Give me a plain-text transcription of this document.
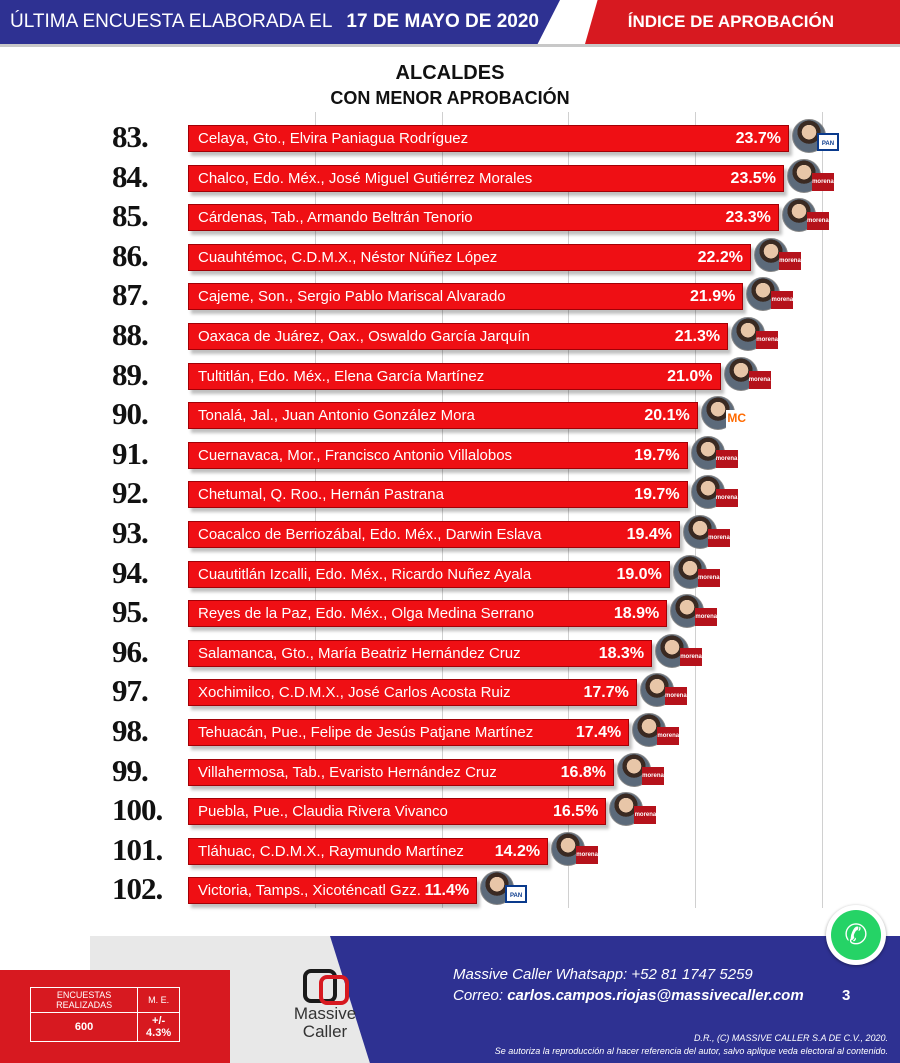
ÚLTIMA ENCUESTA ELABORADA EL 17 DE MAYO DE 2020	ÍNDICE DE APROBACIÓN
ALCALDES
CON MENOR APROBACIÓN
83.	Celaya, Gto., Elvira Paniagua Rodríguez	23.7%	PAN
84.	Chalco, Edo. Méx., José Miguel Gutiérrez Morales	23.5%	morena
85.	Cárdenas, Tab., Armando Beltrán Tenorio	23.3%	morena
86.	Cuauhtémoc, C.D.M.X., Néstor Núñez López	22.2%	morena
87.	Cajeme, Son., Sergio Pablo Mariscal Alvarado	21.9%	morena
88.	Oaxaca de Juárez, Oax., Oswaldo García Jarquín	21.3%	morena
89.	Tultitlán, Edo. Méx., Elena García Martínez	21.0%	morena
90.	Tonalá, Jal., Juan Antonio González Mora	20.1%	MC
91.	Cuernavaca, Mor., Francisco Antonio Villalobos	19.7%	morena
92.	Chetumal, Q. Roo., Hernán Pastrana	19.7%	morena
93.	Coacalco de Berriozábal, Edo. Méx., Darwin Eslava	19.4%	morena
94.	Cuautitlán Izcalli, Edo. Méx., Ricardo Nuñez Ayala	19.0%	morena
95.	Reyes de la Paz, Edo. Méx., Olga Medina Serrano	18.9%	morena
96.	Salamanca, Gto., María Beatriz Hernández Cruz	18.3%	morena
97.	Xochimilco, C.D.M.X., José Carlos Acosta Ruiz	17.7%	morena
98.	Tehuacán, Pue., Felipe de Jesús Patjane Martínez	17.4%	morena
99.	Villahermosa, Tab., Evaristo Hernández Cruz	16.8%	morena
100.	Puebla, Pue., Claudia Rivera Vivanco	16.5%	morena
101.	Tláhuac, C.D.M.X., Raymundo Martínez	14.2%	morena
102.	Victoria, Tamps., Xicoténcatl Gzz. 11.4%	PAN
ENCUESTAS REALIZADAS	M. E.
600	+/- 4.3%
Massive
Caller
Massive Caller Whatsapp: +52 81 1747 5259
Correo: carlos.campos.riojas@massivecaller.com	3
D.R., (C) MASSIVE CALLER S.A DE C.V., 2020.
Se autoriza la reproducción al hacer referencia del autor, salvo aplique veda electoral al contenido.
✆
